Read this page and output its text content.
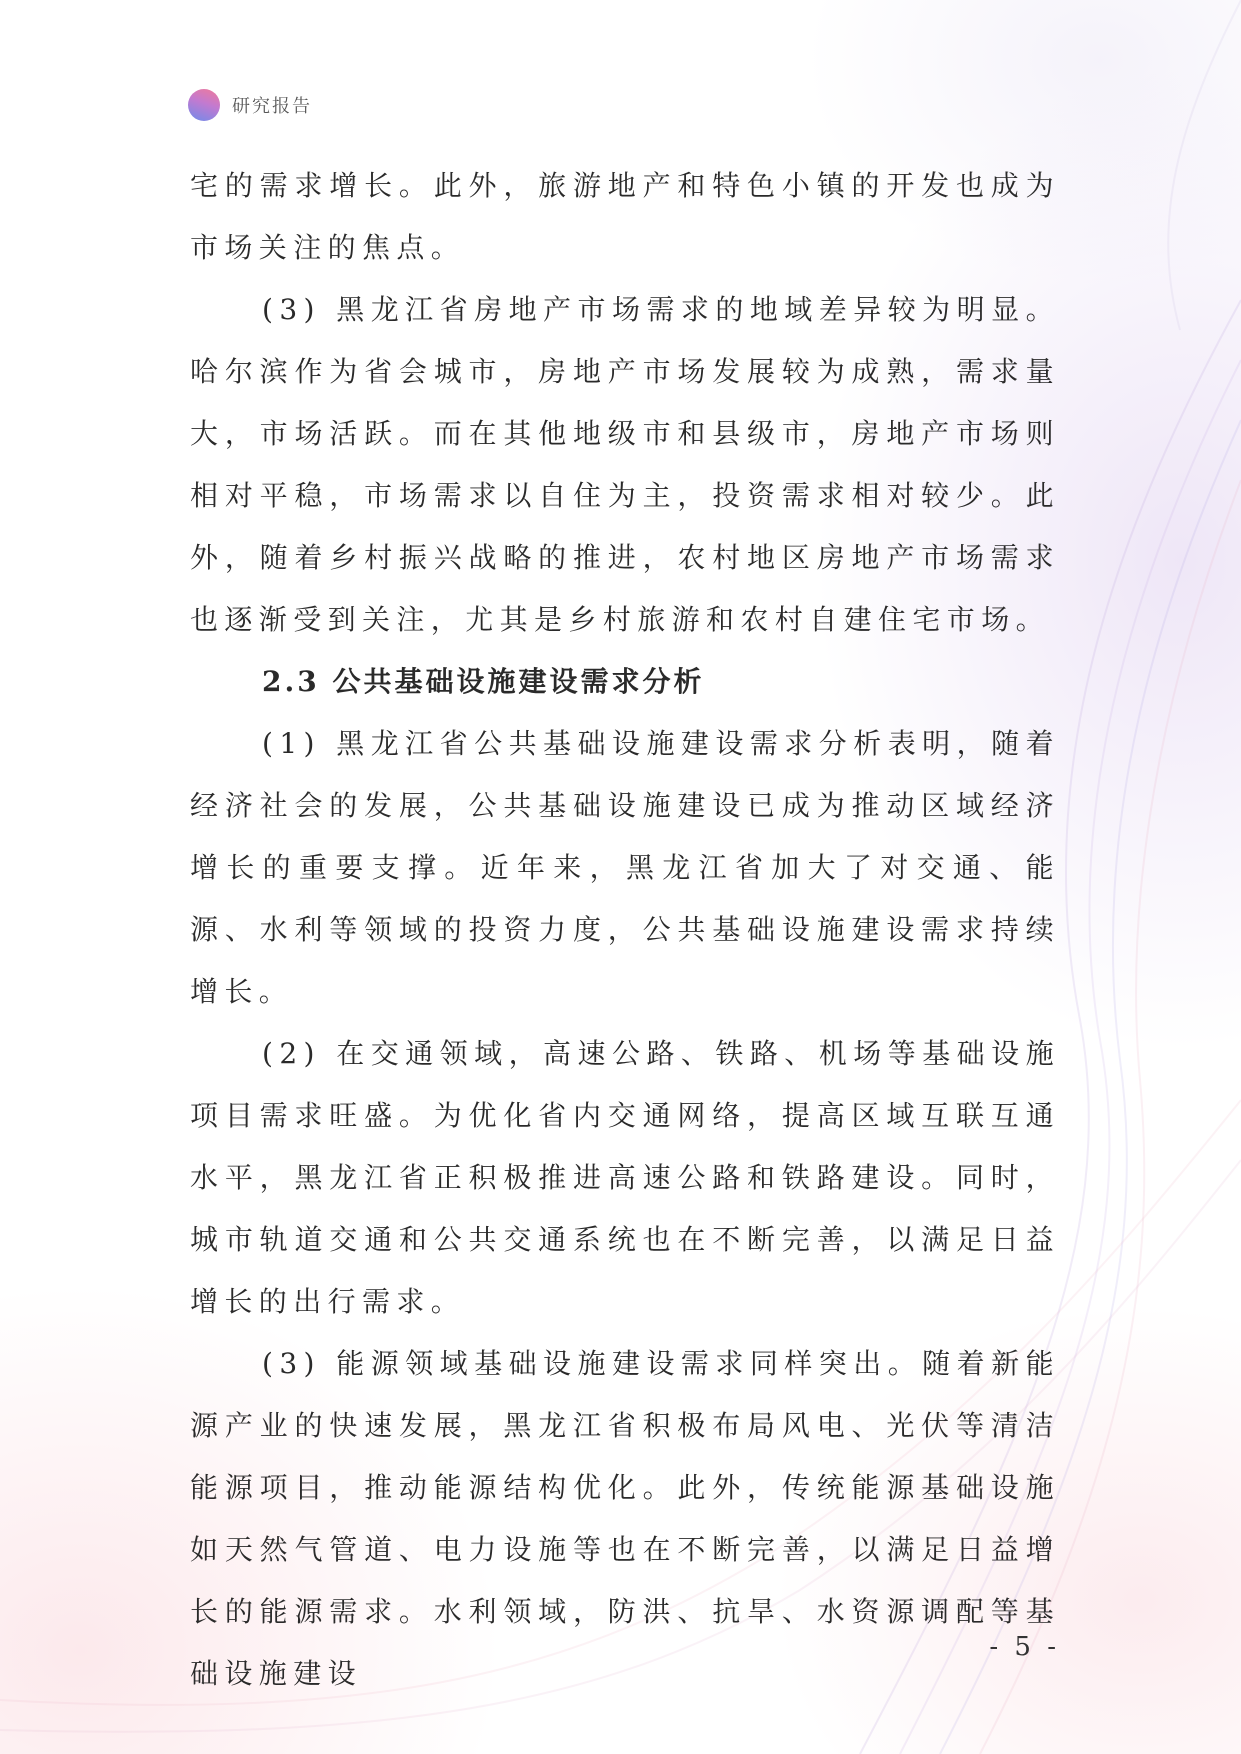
研究报告

宅的需求增长。此外，旅游地产和特色小镇的开发也成为市场关注的焦点。

(3) 黑龙江省房地产市场需求的地域差异较为明显。哈尔滨作为省会城市，房地产市场发展较为成熟，需求量大，市场活跃。而在其他地级市和县级市，房地产市场则相对平稳，市场需求以自住为主，投资需求相对较少。此外，随着乡村振兴战略的推进，农村地区房地产市场需求也逐渐受到关注，尤其是乡村旅游和农村自建住宅市场。

2.3 公共基础设施建设需求分析

(1) 黑龙江省公共基础设施建设需求分析表明，随着经济社会的发展，公共基础设施建设已成为推动区域经济增长的重要支撑。近年来，黑龙江省加大了对交通、能源、水利等领域的投资力度，公共基础设施建设需求持续增长。

(2) 在交通领域，高速公路、铁路、机场等基础设施项目需求旺盛。为优化省内交通网络，提高区域互联互通水平，黑龙江省正积极推进高速公路和铁路建设。同时，城市轨道交通和公共交通系统也在不断完善，以满足日益增长的出行需求。

(3) 能源领域基础设施建设需求同样突出。随着新能源产业的快速发展，黑龙江省积极布局风电、光伏等清洁能源项目，推动能源结构优化。此外，传统能源基础设施如天然气管道、电力设施等也在不断完善，以满足日益增长的能源需求。水利领域，防洪、抗旱、水资源调配等基础设施建设

- 5 -
